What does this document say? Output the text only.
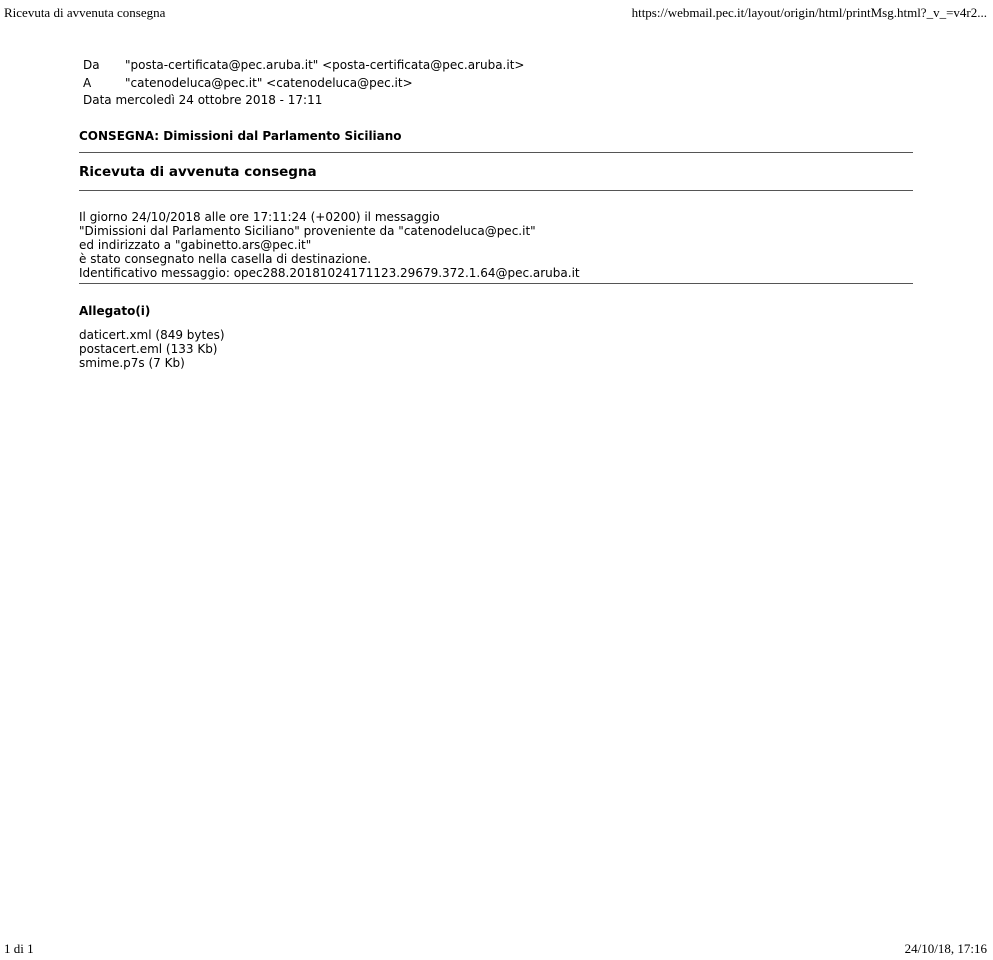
Ricevuta di avvenuta consegna	https://webmail.pec.it/layout/origin/html/printMsg.html?_v_=v4r2...
Da	"posta-certificata@pec.aruba.it" <posta-certificata@pec.aruba.it>
A	"catenodeluca@pec.it" <catenodeluca@pec.it>
Data mercoledì 24 ottobre 2018 - 17:11
CONSEGNA: Dimissioni dal Parlamento Siciliano
Ricevuta di avvenuta consegna
Il giorno 24/10/2018 alle ore 17:11:24 (+0200) il messaggio
"Dimissioni dal Parlamento Siciliano" proveniente da "catenodeluca@pec.it"
ed indirizzato a "gabinetto.ars@pec.it"
è stato consegnato nella casella di destinazione.
Identificativo messaggio: opec288.20181024171123.29679.372.1.64@pec.aruba.it
Allegato(i)
daticert.xml (849 bytes)
postacert.eml (133 Kb)
smime.p7s (7 Kb)
1 di 1	24/10/18, 17:16
